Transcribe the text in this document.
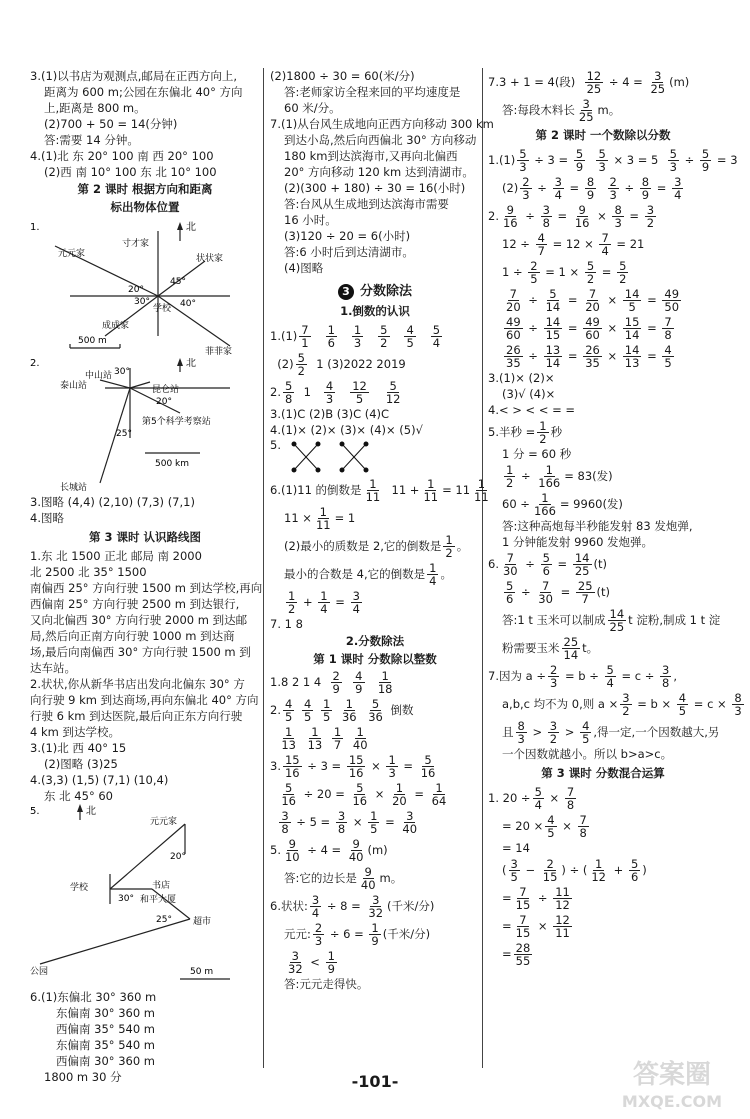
3.(1)以书店为观测点,邮局在正西方向上,
距离为 600 m;公园在东偏北 40° 方向
上,距离是 800 m。
(2)700 + 50 = 14(分钟)
答:需要 14 分钟。
4.(1)北 东 20° 100 南 西 20° 100
(2)西 南 10° 100 东 北 10° 100
第 2 课时 根据方向和距离
标出物体位置
北
1.
元元家
寸才家
状状家
学校
成成家
菲菲家
20°
30°
45°
40°
500 m
北
2.
中山站
泰山站	昆仑站
第5个科学考察站
长城站
30°
20°
25°
500 km
3.图略 (4,4) (2,10) (7,3) (7,1)
4.图略
第 3 课时 认识路线图
1.东 北 1500 正北 邮局 南 2000
北 2500 北 35° 1500
南偏西 25° 方向行驶 1500 m 到达学校,再向
西偏南 25° 方向行驶 2500 m 到达银行,
又向北偏西 30° 方向行驶 2000 m 到达邮
局,然后向正南方向行驶 1000 m 到达商
场,最后向南偏西 30° 方向行驶 1500 m 到
达车站。
2.状状,你从新华书店出发向北偏东 30° 方
向行驶 9 km 到达商场,再向东偏北 40° 方向
行驶 6 km 到达医院,最后向正东方向行驶
4 km 到达学校。
3.(1)北 西 40° 15
(2)图略 (3)25
4.(3,3) (1,5) (7,1) (10,4)
东 北 45° 60
北
5.
元元家
学校	书店
超市
公园
20°
30°
25°
和平大厦
50 m
6.(1)东偏北 30° 360 m
东偏南 30° 360 m
西偏南 35° 540 m
东偏南 35° 540 m
西偏南 30° 360 m
1800 m 30 分
(2)1800 ÷ 30 = 60(米/分)
答:老师家访全程来回的平均速度是
60 米/分。
7.(1)从台风生成地向正西方向移动 300 km
到达小岛,然后向西偏北 30° 方向移动
180 km到达滨海市,又再向北偏西
20° 方向移动 120 km 达到清湖市。
(2)(300 + 180) ÷ 30 = 16(小时)
答:台风从生成地到达滨海市需要
16 小时。
(3)120 ÷ 20 = 6(小时)
答:6 小时后到达清湖市。
(4)图略
3 分数除法
1.倒数的认识
$1.(1) \frac{7}{1}$
$\frac{1}{6}$
$\frac{1}{3}$
$\frac{5}{2}$
$\frac{4}{5}$
$\frac{5}{4}$
$(2) \frac{5}{2} 1$ (3)2022 2019
2. $\frac{5}{8} 1 \frac{4}{3}$
$\frac{12}{5}$
$\frac{5}{12}$
3.(1)C (2)B (3)C (4)C
4.(1)× (2)× (3)× (4)× (5)√
5.
6.(1)11 的倒数是 $\frac{1}{11} 11 + \frac{1}{11} = 11 \frac{1}{11}$
$11 \times \frac{1}{11} = 1$
(2)最小的质数是 2,它的倒数是 $\frac{1}{2}$ 。
最小的合数是 4,它的倒数是 $\frac{1}{4}$ 。
$\frac{1}{2} + \frac{1}{4} = \frac{3}{4}$
7. 1 8
2.分数除法
第 1 课时 分数除以整数
1.8 2 1 $4 \frac{2}{9}$
$\frac{4}{9}$
$\frac{1}{18}$
2. $\frac{4}{5}$
$\frac{4}{5}$
$\frac{1}{5}$
$\frac{1}{36}$
$\frac{5}{36}$ 倒数

$\frac{1}{13}$
$\frac{1}{13}$
$\frac{1}{7}$
$\frac{1}{40}$
3. $\frac{15}{16} \div 3 = \frac{15}{16} \times \frac{1}{3} = \frac{5}{16}$

$\frac{5}{16} \div 20 = \frac{5}{16} \times \frac{1}{20} = \frac{1}{64}$

$\frac{3}{8} \div 5 = \frac{3}{8} \times \frac{1}{5} = \frac{3}{40}$
5. $\frac{9}{10} \div 4 = \frac{9}{40} (m)$
答:它的边长是 $\frac{9}{40}$ m。
6.状状: $\frac{3}{4} \div 8 = \frac{3}{32}$ (千米/分)
元元: $\frac{2}{3} \div 6 = \frac{1}{9}$ (千米/分)
$\frac{3}{32} < \frac{1}{9}$
答:元元走得快。
7.3 + 1 = 4(段) $\frac{12}{25} \div 4 = \frac{3}{25} (m)$
答:每段木料长 $\frac{3}{25}$ m。
第 2 课时 一个数除以分数
$1.(1) \frac{5}{3} \div 3 = \frac{5}{9}$
$\frac{5}{3} \times 3 = 5 \frac{5}{3} \div \frac{5}{9} = 3$
$(2) \frac{2}{3} \div \frac{3}{4} = \frac{8}{9}$
$\frac{2}{3} \div \frac{8}{9} = \frac{3}{4}$
2. $\frac{9}{16} \div \frac{3}{8} = \frac{9}{16} \times \frac{8}{3} = \frac{3}{2}$
$12 \div \frac{4}{7} = 12 \times \frac{7}{4} = 21$
$1 \div \frac{2}{5} = 1 \times \frac{5}{2} = \frac{5}{2}$
$\frac{7}{20} \div \frac{5}{14} = \frac{7}{20} \times \frac{14}{5} = \frac{49}{50}$
$\frac{49}{60} \div \frac{14}{15} = \frac{49}{60} \times \frac{15}{14} = \frac{7}{8}$
$\frac{26}{35} \div \frac{13}{14} = \frac{26}{35} \times \frac{14}{13} = \frac{4}{5}$
3.(1)× (2)×
(3)√ (4)×
4.< > < < = =
5.半秒 = $\frac{1}{2}$ 秒
1 分 = 60 秒
$\frac{1}{2} \div \frac{1}{166} = 83$(发)
$60 \div \frac{1}{166} = 9960$(发)
答:这种高炮每半秒能发射 83 发炮弹,
1 分钟能发射 9960 发炮弹。
6. $\frac{7}{30} \div \frac{5}{6} = \frac{14}{25} (t)$
$\frac{5}{6} \div \frac{7}{30} = \frac{25}{7} (t)$
答:1 t 玉米可以制成 $\frac{14}{25}$ t 淀粉,制成 1 t 淀
粉需要玉米 $\frac{25}{14}$ t。
7.因为 $a \div \frac{2}{3} = b \div \frac{5}{4} = c \div \frac{3}{8}$ ,
a,b,c 均不为 0,则 $a \times \frac{3}{2} = b \times \frac{4}{5} = c \times \frac{8}{3}$
且 $\frac{8}{3} > \frac{3}{2} > \frac{4}{5}$ ,得一定,一个因数越大,另
一个因数就越小。所以 b>a>c。
第 3 课时 分数混合运算
1. $20 \div \frac{5}{4} \times \frac{7}{8}$
= $20 \times \frac{4}{5} \times \frac{7}{8}$
= 14
( $\frac{3}{5} - \frac{2}{15}$ ) ÷ ( $\frac{1}{12} + \frac{5}{6}$ )
= $\frac{7}{15} \div \frac{11}{12}$
= $\frac{7}{15} \times \frac{12}{11}$
= $\frac{28}{55}$
-101-	答案圈
MXQE.COM
